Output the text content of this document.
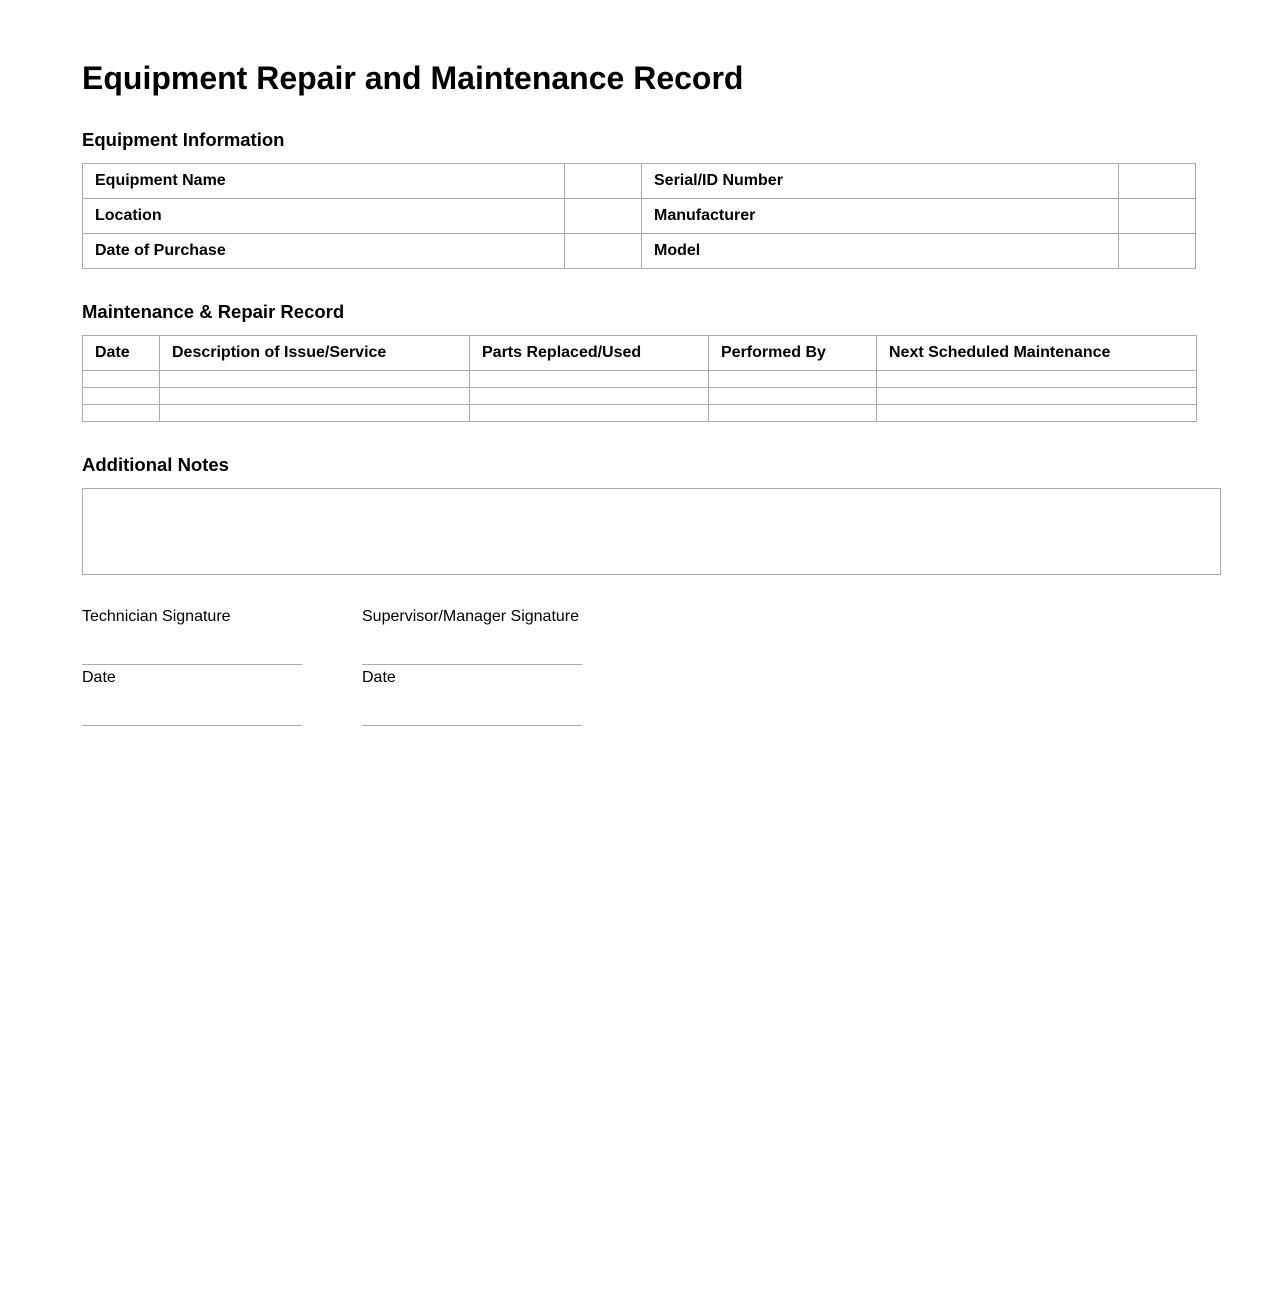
Equipment Repair and Maintenance Record
Equipment Information
Equipment Name		Serial/ID Number	
Location		Manufacturer	
Date of Purchase		Model	
Maintenance & Repair Record
Date	Description of Issue/Service	Parts Replaced/Used	Performed By	Next Scheduled Maintenance

Additional Notes
Technician Signature
Date
Supervisor/Manager Signature
Date
